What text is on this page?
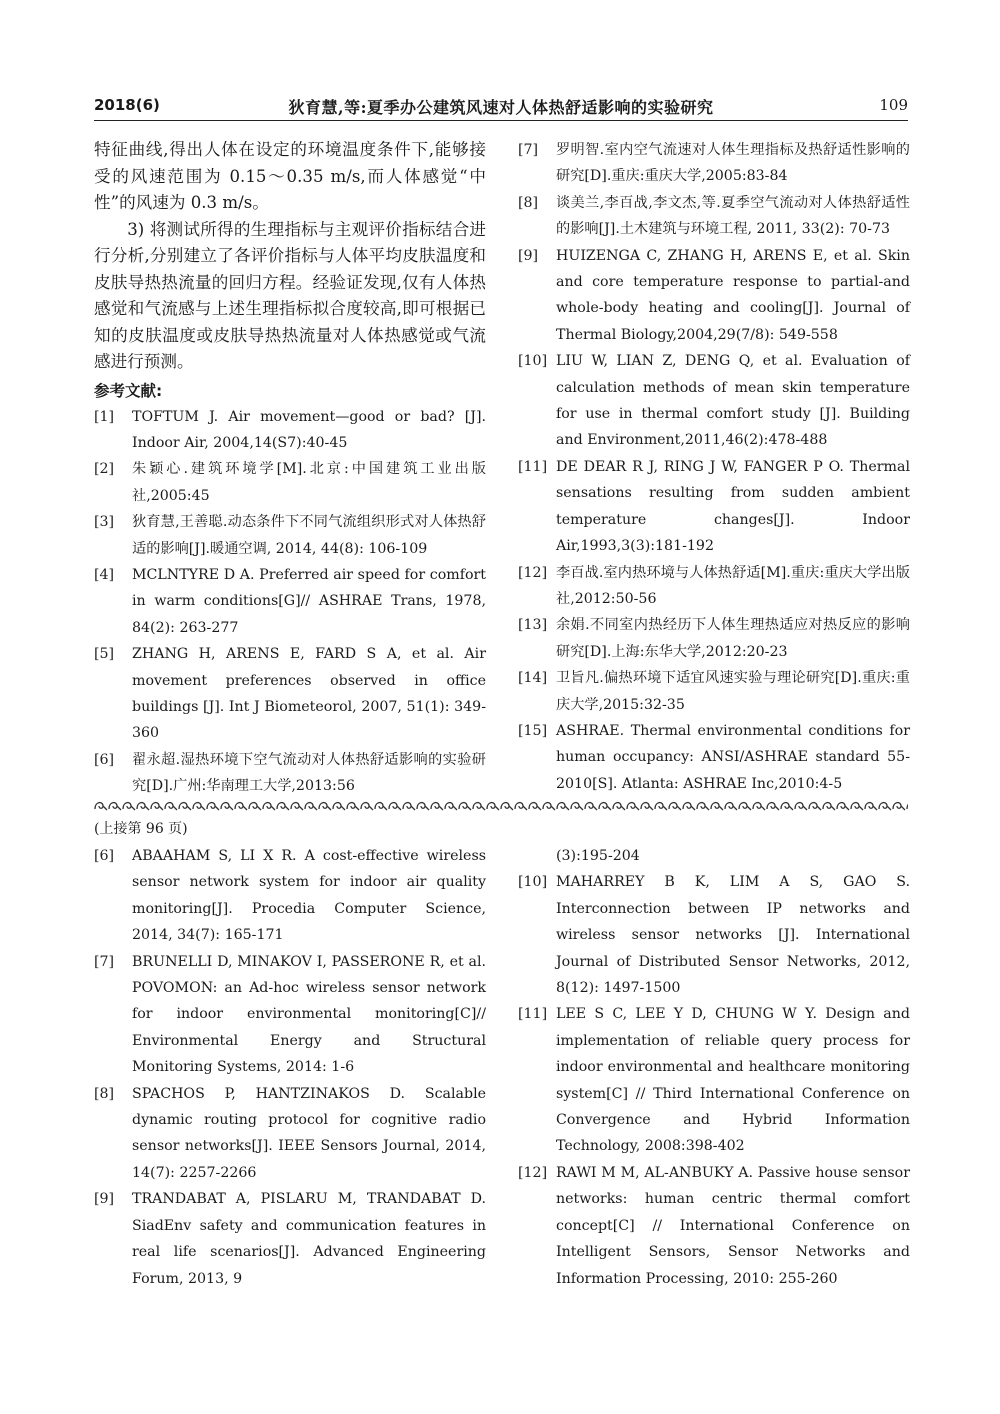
2018(6)	狄育慧,等:夏季办公建筑风速对人体热舒适影响的实验研究	109

特征曲线,得出人体在设定的环境温度条件下,能够接受的风速范围为 0.15～0.35 m/s,而人体感觉“中性”的风速为 0.3 m/s。

3) 将测试所得的生理指标与主观评价指标结合进行分析,分别建立了各评价指标与人体平均皮肤温度和皮肤导热热流量的回归方程。经验证发现,仅有人体热感觉和气流感与上述生理指标拟合度较高,即可根据已知的皮肤温度或皮肤导热热流量对人体热感觉或气流感进行预测。

参考文献:
[1]	TOFTUM J. Air movement—good or bad? [J]. Indoor Air, 2004,14(S7):40-45
[2]	朱颖心.建筑环境学[M].北京:中国建筑工业出版社,2005:45
[3]	狄育慧,王善聪.动态条件下不同气流组织形式对人体热舒适的影响[J].暖通空调, 2014, 44(8): 106-109
[4]	MCLNTYRE D A. Preferred air speed for comfort in warm conditions[G]// ASHRAE Trans, 1978, 84(2): 263-277
[5]	ZHANG H, ARENS E, FARD S A, et al. Air movement preferences observed in office buildings [J]. Int J Biometeorol, 2007, 51(1): 349-360
[6]	翟永超.湿热环境下空气流动对人体热舒适影响的实验研究[D].广州:华南理工大学,2013:56
[7]	罗明智.室内空气流速对人体生理指标及热舒适性影响的研究[D].重庆:重庆大学,2005:83-84
[8]	谈美兰,李百战,李文杰,等.夏季空气流动对人体热舒适性的影响[J].土木建筑与环境工程, 2011, 33(2): 70-73
[9]	HUIZENGA C, ZHANG H, ARENS E, et al. Skin and core temperature response to partial-and whole-body heating and cooling[J]. Journal of Thermal Biology,2004,29(7/8): 549-558
[10] LIU W, LIAN Z, DENG Q, et al. Evaluation of calculation methods of mean skin temperature for use in thermal comfort study [J]. Building and Environment,2011,46(2):478-488
[11] DE DEAR R J, RING J W, FANGER P O. Thermal sensations resulting from sudden ambient temperature changes[J]. Indoor Air,1993,3(3):181-192
[12] 李百战.室内热环境与人体热舒适[M].重庆:重庆大学出版社,2012:50-56
[13] 余娟.不同室内热经历下人体生理热适应对热反应的影响研究[D].上海:东华大学,2012:20-23
[14] 卫旨凡.偏热环境下适宜风速实验与理论研究[D].重庆:重庆大学,2015:32-35
[15] ASHRAE. Thermal environmental conditions for human occupancy: ANSI/ASHRAE standard 55-2010[S]. Atlanta: ASHRAE Inc,2010:4-5
(上接第 96 页)
[6]	ABAAHAM S, LI X R. A cost-effective wireless sensor network system for indoor air quality monitoring[J]. Procedia Computer Science, 2014, 34(7): 165-171
[7]	BRUNELLI D, MINAKOV I, PASSERONE R, et al. POVOMON: an Ad-hoc wireless sensor network for indoor environmental monitoring[C]// Environmental Energy and Structural Monitoring Systems, 2014: 1-6
[8]	SPACHOS P, HANTZINAKOS D. Scalable dynamic routing protocol for cognitive radio sensor networks[J]. IEEE Sensors Journal, 2014, 14(7): 2257-2266
[9]	TRANDABAT A, PISLARU M, TRANDABAT D. SiadEnv safety and communication features in real life scenarios[J]. Advanced Engineering Forum, 2013, 9
(3):195-204
[10] MAHARREY B K, LIM A S, GAO S. Interconnection between IP networks and wireless sensor networks [J]. International Journal of Distributed Sensor Networks, 2012, 8(12): 1497-1500
[11] LEE S C, LEE Y D, CHUNG W Y. Design and implementation of reliable query process for indoor environmental and healthcare monitoring system[C] // Third International Conference on Convergence and Hybrid Information Technology, 2008:398-402
[12] RAWI M M, AL-ANBUKY A. Passive house sensor networks: human centric thermal comfort concept[C] // International Conference on Intelligent Sensors, Sensor Networks and Information Processing, 2010: 255-260
